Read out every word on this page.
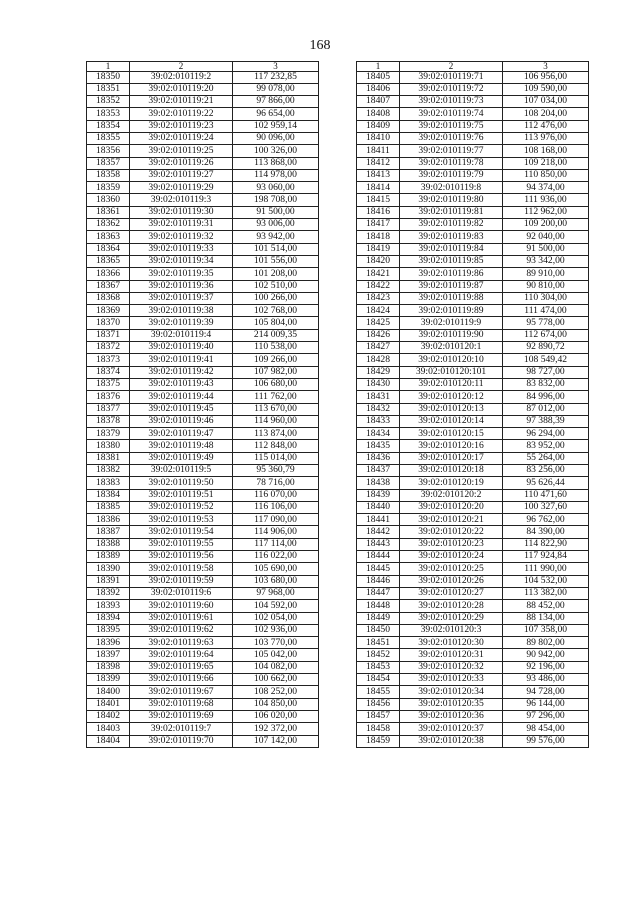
168
1	2	3
18350	39:02:010119:2	117 232,85
18351	39:02:010119:20	99 078,00
18352	39:02:010119:21	97 866,00
18353	39:02:010119:22	96 654,00
18354	39:02:010119:23	102 959,14
18355	39:02:010119:24	90 096,00
18356	39:02:010119:25	100 326,00
18357	39:02:010119:26	113 868,00
18358	39:02:010119:27	114 978,00
18359	39:02:010119:29	93 060,00
18360	39:02:010119:3	198 708,00
18361	39:02:010119:30	91 500,00
18362	39:02:010119:31	93 006,00
18363	39:02:010119:32	93 942,00
18364	39:02:010119:33	101 514,00
18365	39:02:010119:34	101 556,00
18366	39:02:010119:35	101 208,00
18367	39:02:010119:36	102 510,00
18368	39:02:010119:37	100 266,00
18369	39:02:010119:38	102 768,00
18370	39:02:010119:39	105 804,00
18371	39:02:010119:4	214 009,35
18372	39:02:010119:40	110 538,00
18373	39:02:010119:41	109 266,00
18374	39:02:010119:42	107 982,00
18375	39:02:010119:43	106 680,00
18376	39:02:010119:44	111 762,00
18377	39:02:010119:45	113 670,00
18378	39:02:010119:46	114 960,00
18379	39:02:010119:47	113 874,00
18380	39:02:010119:48	112 848,00
18381	39:02:010119:49	115 014,00
18382	39:02:010119:5	95 360,79
18383	39:02:010119:50	78 716,00
18384	39:02:010119:51	116 070,00
18385	39:02:010119:52	116 106,00
18386	39:02:010119:53	117 090,00
18387	39:02:010119:54	114 906,00
18388	39:02:010119:55	117 114,00
18389	39:02:010119:56	116 022,00
18390	39:02:010119:58	105 690,00
18391	39:02:010119:59	103 680,00
18392	39:02:010119:6	97 968,00
18393	39:02:010119:60	104 592,00
18394	39:02:010119:61	102 054,00
18395	39:02:010119:62	102 936,00
18396	39:02:010119:63	103 770,00
18397	39:02:010119:64	105 042,00
18398	39:02:010119:65	104 082,00
18399	39:02:010119:66	100 662,00
18400	39:02:010119:67	108 252,00
18401	39:02:010119:68	104 850,00
18402	39:02:010119:69	106 020,00
18403	39:02:010119:7	192 372,00
18404	39:02:010119:70	107 142,00
1	2	3
18405	39:02:010119:71	106 956,00
18406	39:02:010119:72	109 590,00
18407	39:02:010119:73	107 034,00
18408	39:02:010119:74	108 204,00
18409	39:02:010119:75	112 476,00
18410	39:02:010119:76	113 976,00
18411	39:02:010119:77	108 168,00
18412	39:02:010119:78	109 218,00
18413	39:02:010119:79	110 850,00
18414	39:02:010119:8	94 374,00
18415	39:02:010119:80	111 936,00
18416	39:02:010119:81	112 962,00
18417	39:02:010119:82	109 200,00
18418	39:02:010119:83	92 040,00
18419	39:02:010119:84	91 500,00
18420	39:02:010119:85	93 342,00
18421	39:02:010119:86	89 910,00
18422	39:02:010119:87	90 810,00
18423	39:02:010119:88	110 304,00
18424	39:02:010119:89	111 474,00
18425	39:02:010119:9	95 778,00
18426	39:02:010119:90	112 674,00
18427	39:02:010120:1	92 890,72
18428	39:02:010120:10	108 549,42
18429	39:02:010120:101	98 727,00
18430	39:02:010120:11	83 832,00
18431	39:02:010120:12	84 996,00
18432	39:02:010120:13	87 012,00
18433	39:02:010120:14	97 388,39
18434	39:02:010120:15	96 294,00
18435	39:02:010120:16	83 952,00
18436	39:02:010120:17	55 264,00
18437	39:02:010120:18	83 256,00
18438	39:02:010120:19	95 626,44
18439	39:02:010120:2	110 471,60
18440	39:02:010120:20	100 327,60
18441	39:02:010120:21	96 762,00
18442	39:02:010120:22	84 390,00
18443	39:02:010120:23	114 822,90
18444	39:02:010120:24	117 924,84
18445	39:02:010120:25	111 990,00
18446	39:02:010120:26	104 532,00
18447	39:02:010120:27	113 382,00
18448	39:02:010120:28	88 452,00
18449	39:02:010120:29	88 134,00
18450	39:02:010120:3	107 358,00
18451	39:02:010120:30	89 802,00
18452	39:02:010120:31	90 942,00
18453	39:02:010120:32	92 196,00
18454	39:02:010120:33	93 486,00
18455	39:02:010120:34	94 728,00
18456	39:02:010120:35	96 144,00
18457	39:02:010120:36	97 296,00
18458	39:02:010120:37	98 454,00
18459	39:02:010120:38	99 576,00
